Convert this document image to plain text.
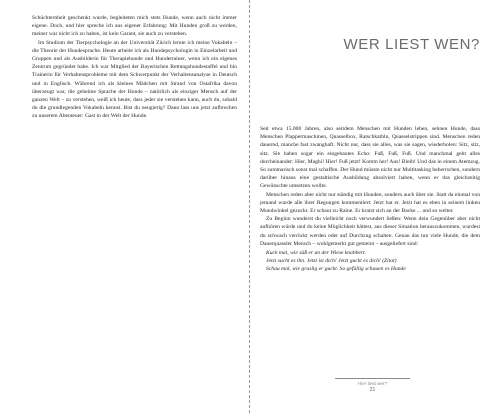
Schüchternheit geschenkt wurde, begleiteten mich stets Hunde, wenn auch nicht immer eigene. Doch, und hier spreche ich aus eigener Erfahrung: Mit Hunden groß zu werden, meiner war nicht ich zu haben, ist kein Garant, sie auch zu verstehen.

Im Studium der Tierpsychologie an der Universität Zürich lernte ich meine Vokabeln – die Theorie der Hundesprache. Heute arbeite ich als Hundepsychologin in Einzelarbeit und Gruppen und als Ausbilderin für Therapiehunde und Hundetrainer, wenn ich ein eigenes Zentrum gegründet habe. Ich war Mitglied der Bayerischen Rettungshundestaffel und bin Trainerin für Verhaltensprobleme mit dem Schwerpunkt der Verhaltensanalyse in Deutsch und in Englisch. Während ich als kleines Mädchen mit Strand von Ostafrika davon überzeugt war, die geheime Sprache der Hunde – natürlich als einziger Mensch auf der ganzen Welt – zu verstehen, weiß ich heute, dass jeder sie verstehen kann, auch du, sobald du die grundlegenden Vokabeln kennst. Bist du neugierig? Dann lass uns jetzt aufbrechen zu unserem Abenteuer: Gast in der Welt der Hunde.

WER LIEST WEN?

Seit etwa 15.000 Jahren, also seitdem Menschen mit Hunden leben, sehnen Hunde, dass Menschen Plappermaschinen, Quasselbox, Ratschkathln, Quasselstrippen sind. Menschen reden dauernd, manche fast zwanghaft. Nicht nur, dass sie alles, was sie sagen, wiederholen: Sitz, sitz, sitz. Sie haben sogar ein eingebautes Echo: Fuß, Fuß, Fuß. Und manchmal geht alles durcheinander: Hier, Maghi! Hier! Fuß jetzt! Komm her! Aus! Bleib! Und das in einem Atemzug. So summarisch sonst mal schaffen. Der Hund müsste nicht nur Multitasking beherrschen, sondern darüber hinaus eine gestaltische Ausbildung absolviert haben, wenn er das gleichzeitig Gewünschte umsetzen wollte.

Menschen reden aber nicht nur ständig mit Hunden, sondern auch über sie. Statt da einmal von jemand wurde alle ihrer Regungen kommentiert: Jetzt hat er. Jetzt hat es eben in seinem linken Mundwinkel gezuckt. Er schaut zu Raine. Er kratzt sich an der Backe ... und so weiter.

Zu Beginn wunderst du vielleicht noch verwundert ließen: Wenn dein Gegenüber aber nicht aufhören würde und du keine Möglichkeit hättest, aus dieser Situation herauszukommen, wurdest du schwach verrückt werden oder auf Durchzug schalten. Genau das tun viele Hunde, die dem Dauerquassler Mensch – wohlgemerkt gut gemeint – ausgeliefert sind:

Kuck mal, wie süß er an der Wiese knabbert.
Jetzt sucht es ihn. Jetzt ist dich! Jetzt guckt es dich! (Zitat)
Schau mal, wie gruslig er guckt. So gefällig schauen es Hunde
Hier liest wer?
21
